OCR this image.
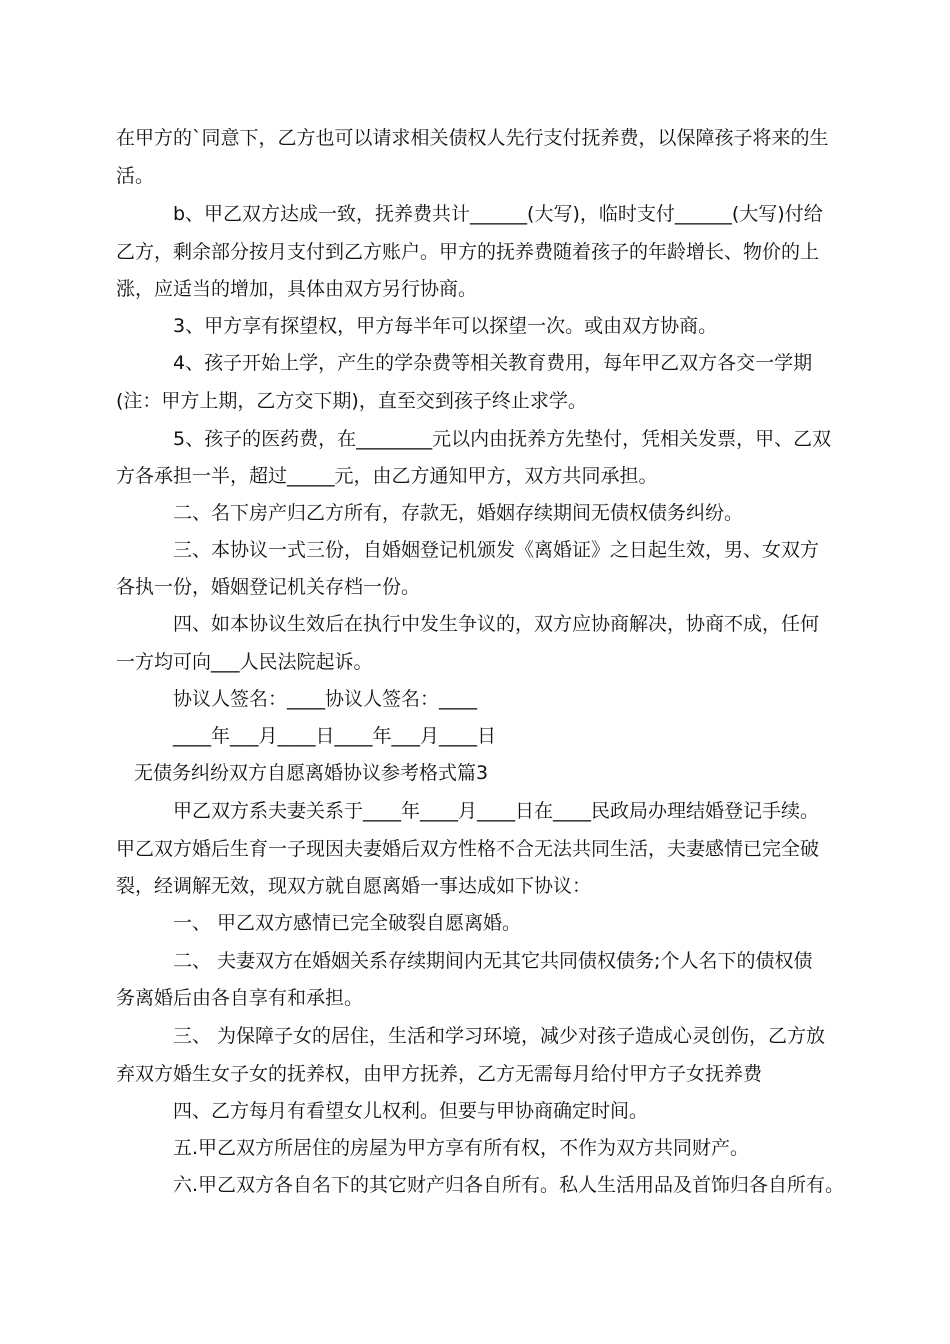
在甲方的`同意下，乙方也可以请求相关债权人先行支付抚养费，以保障孩子将来的生
活。
b、甲乙双方达成一致，抚养费共计______(大写)，临时支付______(大写)付给
乙方，剩余部分按月支付到乙方账户。甲方的抚养费随着孩子的年龄增长、物价的上
涨，应适当的增加，具体由双方另行协商。
3、甲方享有探望权，甲方每半年可以探望一次。或由双方协商。
4、孩子开始上学，产生的学杂费等相关教育费用，每年甲乙双方各交一学期
(注：甲方上期，乙方交下期)，直至交到孩子终止求学。
5、孩子的医药费，在________元以内由抚养方先垫付，凭相关发票，甲、乙双
方各承担一半，超过_____元，由乙方通知甲方，双方共同承担。
二、名下房产归乙方所有，存款无，婚姻存续期间无债权债务纠纷。
三、本协议一式三份，自婚姻登记机颁发《离婚证》之日起生效，男、女双方
各执一份，婚姻登记机关存档一份。
四、如本协议生效后在执行中发生争议的，双方应协商解决，协商不成，任何
一方均可向___人民法院起诉。
协议人签名：____协议人签名：____
____年___月____日____年___月____日
无债务纠纷双方自愿离婚协议参考格式篇3
甲乙双方系夫妻关系于____年____月____日在____民政局办理结婚登记手续。
甲乙双方婚后生育一子现因夫妻婚后双方性格不合无法共同生活，夫妻感情已完全破
裂，经调解无效，现双方就自愿离婚一事达成如下协议：
一、 甲乙双方感情已完全破裂自愿离婚。
二、 夫妻双方在婚姻关系存续期间内无其它共同债权债务;个人名下的债权债
务离婚后由各自享有和承担。
三、 为保障子女的居住，生活和学习环境，减少对孩子造成心灵创伤，乙方放
弃双方婚生女子女的抚养权，由甲方抚养，乙方无需每月给付甲方子女抚养费
四、乙方每月有看望女儿权利。但要与甲协商确定时间。
五.甲乙双方所居住的房屋为甲方享有所有权，不作为双方共同财产。
六.甲乙双方各自名下的其它财产归各自所有。私人生活用品及首饰归各自所有。
